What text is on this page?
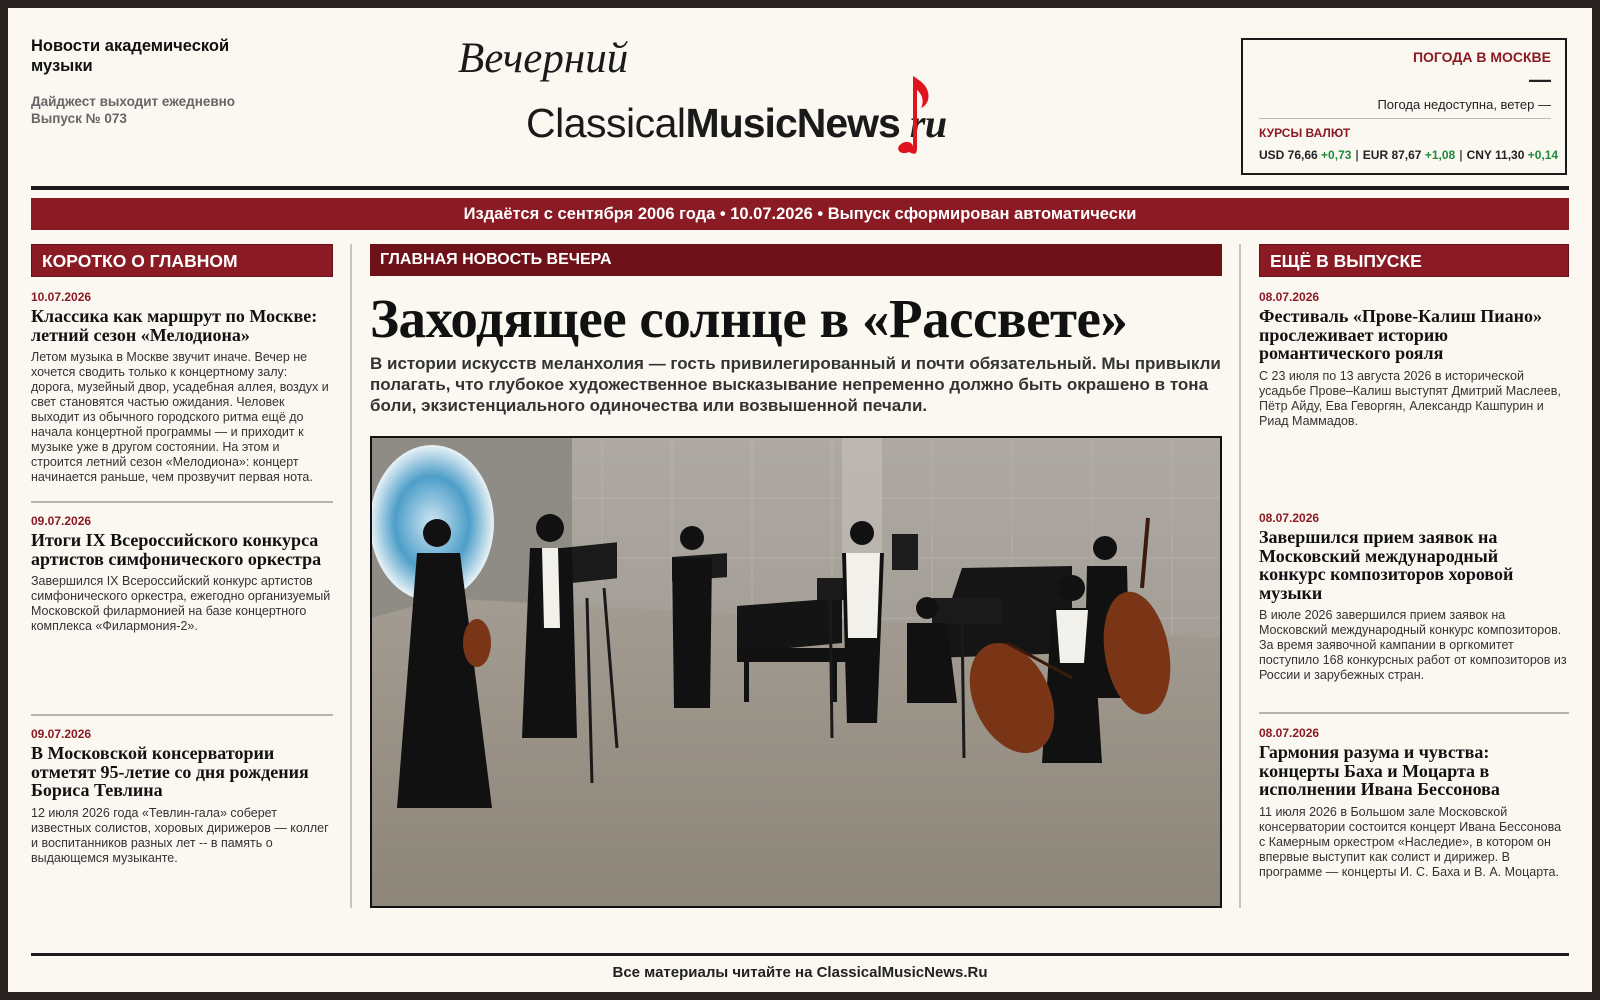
Новости академической музыки
Дайджест выходит ежедневно
Выпуск № 073
Вечерний
ClassicalMusicNews ru
ПОГОДА В МОСКВЕ
—
Погода недоступна, ветер —
КУРСЫ ВАЛЮТ
USD 76,66 +0,73 | EUR 87,67 +1,08 | CNY 11,30 +0,14
Издаётся с сентября 2006 года • 10.07.2026 • Выпуск сформирован автоматически
КОРОТКО О ГЛАВНОМ
10.07.2026
Классика как маршрут по Москве: летний сезон «Мелодиона»
Летом музыка в Москве звучит иначе. Вечер не хочется сводить только к концертному залу: дорога, музейный двор, усадебная аллея, воздух и свет становятся частью ожидания. Человек выходит из обычного городского ритма ещё до начала концертной программы — и приходит к музыке уже в другом состоянии. На этом и строится летний сезон «Мелодиона»: концерт начинается раньше, чем прозвучит первая нота.
09.07.2026
Итоги IX Всероссийского конкурса артистов симфонического оркестра
Завершился IX Всероссийский конкурс артистов симфонического оркестра, ежегодно организуемый Московской филармонией на базе концертного комплекса «Филармония-2».
09.07.2026
В Московской консерватории отметят 95-летие со дня рождения Бориса Тевлина
12 июля 2026 года «Тевлин-гала» соберет известных солистов, хоровых дирижеров — коллег и воспитанников разных лет -- в память о выдающемся музыканте.
ГЛАВНАЯ НОВОСТЬ ВЕЧЕРА
Заходящее солнце в «Рассвете»
В истории искусств меланхолия — гость привилегированный и почти обязательный. Мы привыкли полагать, что глубокое художественное высказывание непременно должно быть окрашено в тона боли, экзистенциального одиночества или возвышенной печали.
ЕЩЁ В ВЫПУСКЕ
08.07.2026
Фестиваль «Прове-Калиш Пиано» прослеживает историю романтического рояля
С 23 июля по 13 августа 2026 в исторической усадьбе Прове–Калиш выступят Дмитрий Маслеев, Пётр Айду, Ева Геворгян, Александр Кашпурин и Риад Маммадов.
08.07.2026
Завершился прием заявок на Московский международный конкурс композиторов хоровой музыки
В июле 2026 завершился прием заявок на Московский международный конкурс композиторов. За время заявочной кампании в оргкомитет поступило 168 конкурсных работ от композиторов из России и зарубежных стран.
08.07.2026
Гармония разума и чувства: концерты Баха и Моцарта в исполнении Ивана Бессонова
11 июля 2026 в Большом зале Московской консерватории состоится концерт Ивана Бессонова с Камерным оркестром «Наследие», в котором он впервые выступит как солист и дирижер. В программе — концерты И. С. Баха и В. А. Моцарта.
Все материалы читайте на ClassicalMusicNews.Ru
